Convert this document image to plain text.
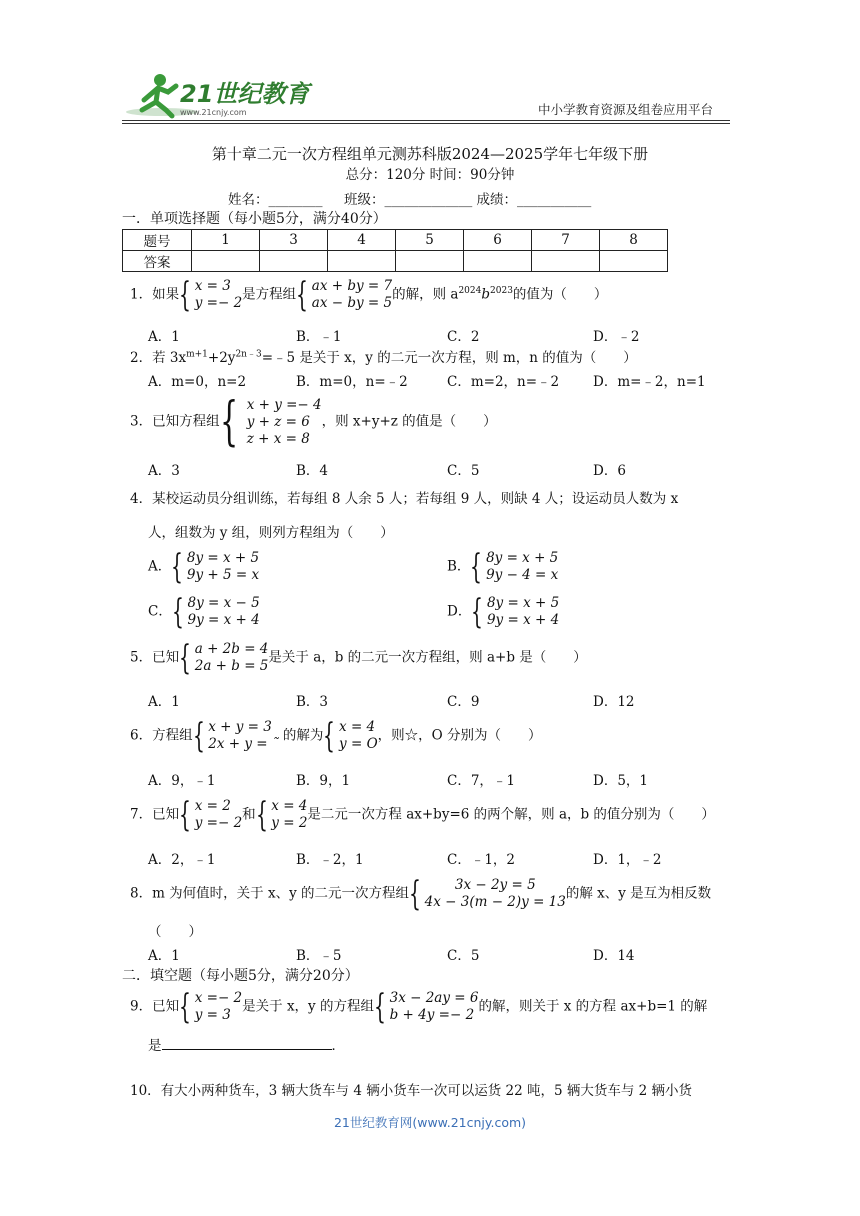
21世纪教育
www.21cnjy.com	中小学教育资源及组卷应用平台
第十章二元一次方程组单元测苏科版2024—2025学年七年级下册
总分：120分 时间：90分钟
姓名：________ 班级：_____________ 成绩：___________
一．单项选择题（每小题5分，满分40分）
题号	1	3	4	5	6	7	8
答案							
1．如果{ x = 3
y =− 2
是方程组{ ax + by = 7
ax − by = 5
的解，则 $a^{2024}b^{2023}$的值为（　　）
A．1	B．﹣1	C．2	D．﹣2
2．若 $3x^{m+1}+2y^{2n﹣3}=﹣5$ 是关于 x，y 的二元一次方程，则 m，n 的值为（　　）
A．m=0，n=2	B．m=0，n=﹣2	C．m=2，n=﹣2	D．m=﹣2，n=1
3．已知方程组{ x + y =− 4
y + z = 6
z + x = 8
，则 x+y+z 的值是（　　）
A．3	B．4	C．5	D．6
4．某校运动员分组训练，若每组 8 人余 5 人；若每组 9 人，则缺 4 人；设运动员人数为 x
人，组数为 y 组，则列方程组为（　　）
A．{ 8y = x + 5
9y + 5 = x
B．{ 8y = x + 5
9y − 4 = x
C．{ 8y = x − 5
9y = x + 4
D．{ 8y = x + 5
9y = x + 4
5．已知{ a + 2b = 4
2a + b = 5
是关于 a，b 的二元一次方程组，则 a+b 是（　　）
A．1	B．3	C．9	D．12
6．方程组{ x + y = 3
2x + y = ˜
的解为{ x = 4
y = O
，则☆，O 分别为（　　）
A．9，﹣1	B．9，1	C．7，﹣1	D．5，1
7．已知{ x = 2
y =− 2
和{ x = 4
y = 2
是二元一次方程 ax+by=6 的两个解，则 a，b 的值分别为（　　）
A．2，﹣1	B．﹣2，1	C．﹣1，2	D．1，﹣2
8．m 为何值时，关于 x、y 的二元一次方程组{	3x − 2y = 5
4x − 3(m − 2)y = 13
的解 x、y 是互为相反数
（　　）
A．1	B．﹣5	C．5	D．14
二．填空题（每小题5分，满分20分）
9．已知{ x =− 2
y = 3
是关于 x，y 的方程组{ 3x − 2ay = 6
b + 4y =− 2
的解，则关于 x 的方程 ax+b=1 的解
是	．
10．有大小两种货车，3 辆大货车与 4 辆小货车一次可以运货 22 吨，5 辆大货车与 2 辆小货
21世纪教育网(www.21cnjy.com)
